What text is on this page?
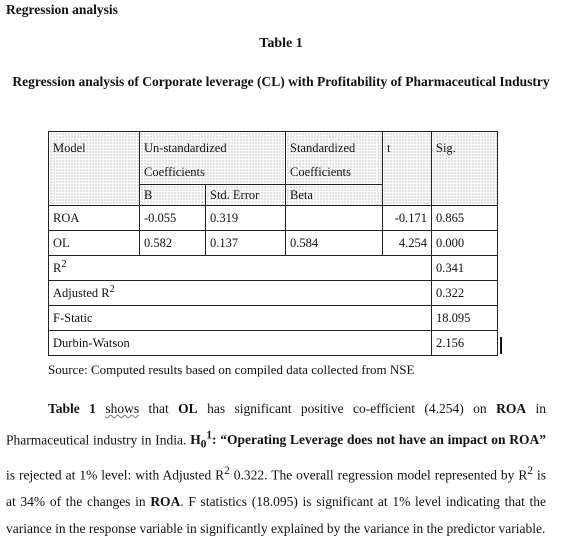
Regression analysis
Table 1
Regression analysis of Corporate leverage (CL) with Profitability of Pharmaceutical Industry
Model	Un-standardized Coefficients		Standardized Coefficients	t	Sig.
	B	Std. Error	Beta		
ROA	-0.055	0.319		-0.171	0.865
OL	0.582	0.137	0.584	4.254	0.000
$R^2$					0.341
Adjusted $R^2$					0.322
F-Static					18.095
Durbin-Watson					2.156
Source: Computed results based on compiled data collected from NSE

Table 1 shows that OL has significant positive co-efficient (4.254) on ROA in Pharmaceutical industry in India. $H_0^1$: “Operating Leverage does not have an impact on ROA” is rejected at 1% level: with Adjusted $R^2$ 0.322. The overall regression model represented by $R^2$ is at 34% of the changes in ROA. F statistics (18.095) is significant at 1% level indicating that the variance in the response variable in significantly explained by the variance in the predictor variable.
